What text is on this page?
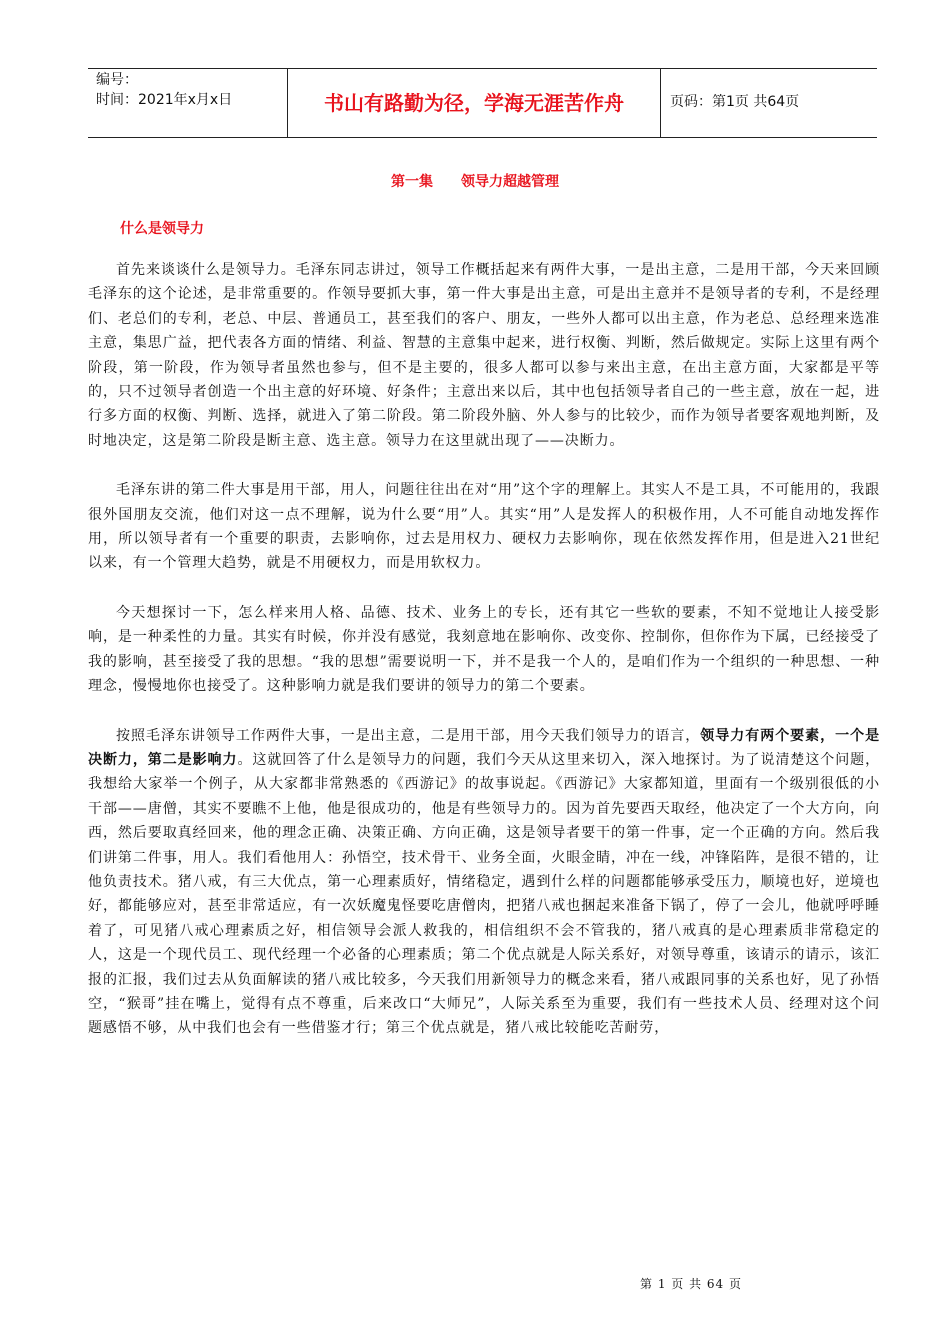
编号：
时间：2021年x月x日	书山有路勤为径，学海无涯苦作舟	页码：第1页 共64页
第一集 领导力超越管理
什么是领导力

首先来谈谈什么是领导力。毛泽东同志讲过，领导工作概括起来有两件大事，一是出主意，二是用干部，今天来回顾毛泽东的这个论述，是非常重要的。作领导要抓大事，第一件大事是出主意，可是出主意并不是领导者的专利，不是经理们、老总们的专利，老总、中层、普通员工，甚至我们的客户、朋友，一些外人都可以出主意，作为老总、总经理来选准主意，集思广益，把代表各方面的情绪、利益、智慧的主意集中起来，进行权衡、判断，然后做规定。实际上这里有两个阶段，第一阶段，作为领导者虽然也参与，但不是主要的，很多人都可以参与来出主意，在出主意方面，大家都是平等的，只不过领导者创造一个出主意的好环境、好条件；主意出来以后，其中也包括领导者自己的一些主意，放在一起，进行多方面的权衡、判断、选择，就进入了第二阶段。第二阶段外脑、外人参与的比较少，而作为领导者要客观地判断，及时地决定，这是第二阶段是断主意、选主意。领导力在这里就出现了——决断力。

毛泽东讲的第二件大事是用干部，用人，问题往往出在对“用”这个字的理解上。其实人不是工具，不可能用的，我跟很外国朋友交流，他们对这一点不理解，说为什么要“用”人。其实“用”人是发挥人的积极作用，人不可能自动地发挥作用，所以领导者有一个重要的职责，去影响你，过去是用权力、硬权力去影响你，现在依然发挥作用，但是进入21世纪以来，有一个管理大趋势，就是不用硬权力，而是用软权力。

今天想探讨一下，怎么样来用人格、品德、技术、业务上的专长，还有其它一些软的要素，不知不觉地让人接受影响，是一种柔性的力量。其实有时候，你并没有感觉，我刻意地在影响你、改变你、控制你，但你作为下属，已经接受了我的影响，甚至接受了我的思想。“我的思想”需要说明一下，并不是我一个人的，是咱们作为一个组织的一种思想、一种理念，慢慢地你也接受了。这种影响力就是我们要讲的领导力的第二个要素。

按照毛泽东讲领导工作两件大事，一是出主意，二是用干部，用今天我们领导力的语言，领导力有两个要素，一个是决断力，第二是影响力。这就回答了什么是领导力的问题，我们今天从这里来切入，深入地探讨。为了说清楚这个问题，我想给大家举一个例子，从大家都非常熟悉的《西游记》的故事说起。《西游记》大家都知道，里面有一个级别很低的小干部——唐僧，其实不要瞧不上他，他是很成功的，他是有些领导力的。因为首先要西天取经，他决定了一个大方向，向西，然后要取真经回来，他的理念正确、决策正确、方向正确，这是领导者要干的第一件事，定一个正确的方向。然后我们讲第二件事，用人。我们看他用人：孙悟空，技术骨干、业务全面，火眼金睛，冲在一线，冲锋陷阵，是很不错的，让他负责技术。猪八戒，有三大优点，第一心理素质好，情绪稳定，遇到什么样的问题都能够承受压力，顺境也好，逆境也好，都能够应对，甚至非常适应，有一次妖魔鬼怪要吃唐僧肉，把猪八戒也捆起来准备下锅了，停了一会儿，他就呼呼睡着了，可见猪八戒心理素质之好，相信领导会派人救我的，相信组织不会不管我的，猪八戒真的是心理素质非常稳定的人，这是一个现代员工、现代经理一个必备的心理素质；第二个优点就是人际关系好，对领导尊重，该请示的请示，该汇报的汇报，我们过去从负面解读的猪八戒比较多，今天我们用新领导力的概念来看，猪八戒跟同事的关系也好，见了孙悟空，“猴哥”挂在嘴上，觉得有点不尊重，后来改口“大师兄”，人际关系至为重要，我们有一些技术人员、经理对这个问题感悟不够，从中我们也会有一些借鉴才行；第三个优点就是，猪八戒比较能吃苦耐劳，

第 1 页 共 64 页
